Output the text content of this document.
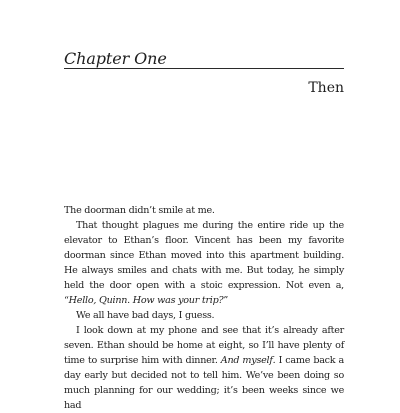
Chapter One
Then

The doorman didn’t smile at me.

That thought plagues me during the entire ride up the elevator to Ethan’s floor. Vincent has been my favorite doorman since Ethan moved into this apartment building. He always smiles and chats with me. But today, he simply held the door open with a stoic expression. Not even a, “Hello, Quinn. How was your trip?”

We all have bad days, I guess.

I look down at my phone and see that it’s already after seven. Ethan should be home at eight, so I’ll have plenty of time to surprise him with dinner. And myself. I came back a day early but decided not to tell him. We’ve been doing so much planning for our wedding; it’s been weeks since we had
